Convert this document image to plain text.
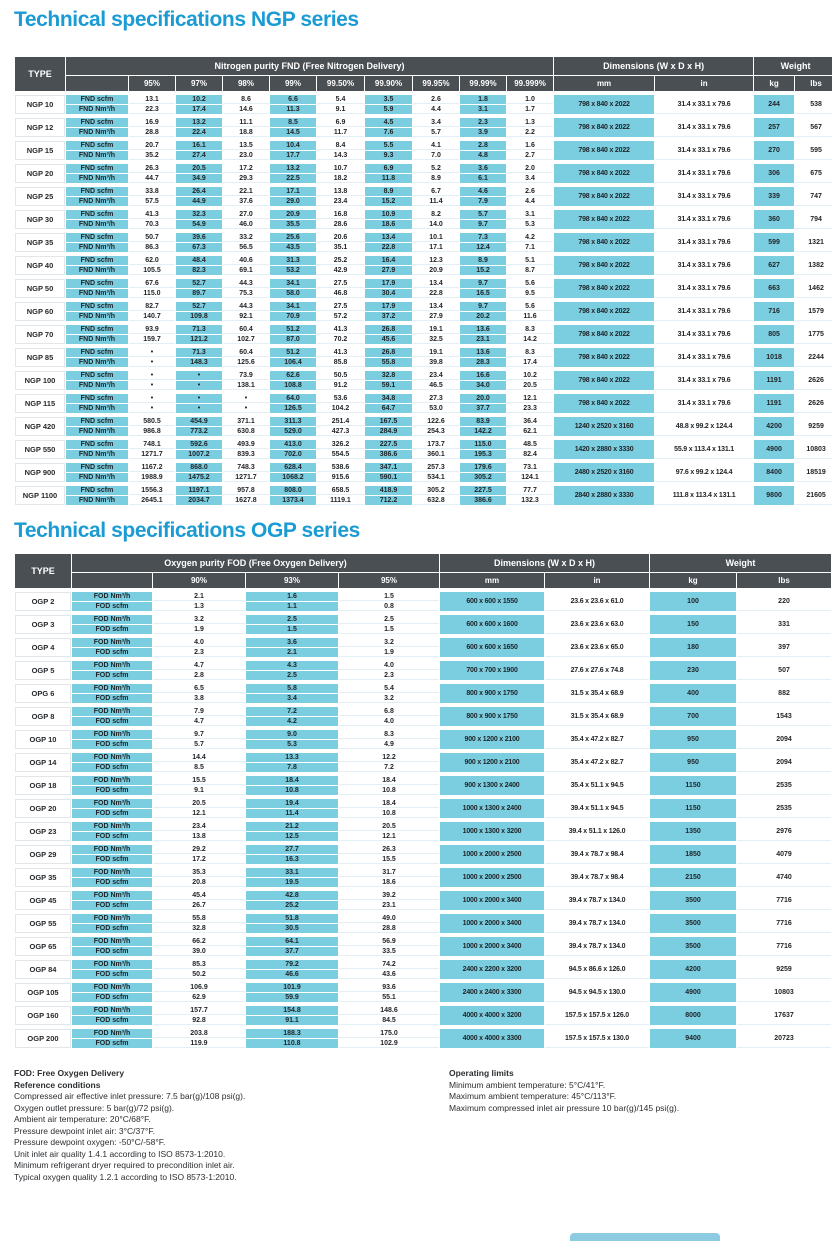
Technical specifications NGP series
TYPE	Nitrogen purity FND (Free Nitrogen Delivery)										Dimensions (W x D x H)		Weight	
		95%	97%	98%	99%	99.50%	99.90%	99.95%	99.99%	99.999%	mm	in	kg	lbs

NGP 10	FND scfm	13.1	10.2	8.6	6.6	5.4	3.5	2.6	1.8	1.0	798 x 840 x 2022	31.4 x 33.1 x 79.6	244	538
	FND Nm³/h	22.3	17.4	14.6	11.3	9.1	5.9	4.4	3.1	1.7				

NGP 12	FND scfm	16.9	13.2	11.1	8.5	6.9	4.5	3.4	2.3	1.3	798 x 840 x 2022	31.4 x 33.1 x 79.6	257	567
	FND Nm³/h	28.8	22.4	18.8	14.5	11.7	7.6	5.7	3.9	2.2				

NGP 15	FND scfm	20.7	16.1	13.5	10.4	8.4	5.5	4.1	2.8	1.6	798 x 840 x 2022	31.4 x 33.1 x 79.6	270	595
	FND Nm³/h	35.2	27.4	23.0	17.7	14.3	9.3	7.0	4.8	2.7				

NGP 20	FND scfm	26.3	20.5	17.2	13.2	10.7	6.9	5.2	3.6	2.0	798 x 840 x 2022	31.4 x 33.1 x 79.6	306	675
	FND Nm³/h	44.7	34.9	29.3	22.5	18.2	11.8	8.9	6.1	3.4				

NGP 25	FND scfm	33.8	26.4	22.1	17.1	13.8	8.9	6.7	4.6	2.6	798 x 840 x 2022	31.4 x 33.1 x 79.6	339	747
	FND Nm³/h	57.5	44.9	37.6	29.0	23.4	15.2	11.4	7.9	4.4				

NGP 30	FND scfm	41.3	32.3	27.0	20.9	16.8	10.9	8.2	5.7	3.1	798 x 840 x 2022	31.4 x 33.1 x 79.6	360	794
	FND Nm³/h	70.3	54.9	46.0	35.5	28.6	18.6	14.0	9.7	5.3				

NGP 35	FND scfm	50.7	39.6	33.2	25.6	20.6	13.4	10.1	7.3	4.2	798 x 840 x 2022	31.4 x 33.1 x 79.6	599	1321
	FND Nm³/h	86.3	67.3	56.5	43.5	35.1	22.8	17.1	12.4	7.1				

NGP 40	FND scfm	62.0	48.4	40.6	31.3	25.2	16.4	12.3	8.9	5.1	798 x 840 x 2022	31.4 x 33.1 x 79.6	627	1382
	FND Nm³/h	105.5	82.3	69.1	53.2	42.9	27.9	20.9	15.2	8.7				

NGP 50	FND scfm	67.6	52.7	44.3	34.1	27.5	17.9	13.4	9.7	5.6	798 x 840 x 2022	31.4 x 33.1 x 79.6	663	1462
	FND Nm³/h	115.0	89.7	75.3	58.0	46.8	30.4	22.8	16.5	9.5				

NGP 60	FND scfm	82.7	52.7	44.3	34.1	27.5	17.9	13.4	9.7	5.6	798 x 840 x 2022	31.4 x 33.1 x 79.6	716	1579
	FND Nm³/h	140.7	109.8	92.1	70.9	57.2	37.2	27.9	20.2	11.6				

NGP 70	FND scfm	93.9	71.3	60.4	51.2	41.3	26.8	19.1	13.6	8.3	798 x 840 x 2022	31.4 x 33.1 x 79.6	805	1775
	FND Nm³/h	159.7	121.2	102.7	87.0	70.2	45.6	32.5	23.1	14.2				

NGP 85	FND scfm	•	71.3	60.4	51.2	41.3	26.8	19.1	13.6	8.3	798 x 840 x 2022	31.4 x 33.1 x 79.6	1018	2244
	FND Nm³/h	•	148.3	125.6	106.4	85.8	55.8	39.8	28.3	17.4				

NGP 100	FND scfm	•	•	73.9	62.6	50.5	32.8	23.4	16.6	10.2	798 x 840 x 2022	31.4 x 33.1 x 79.6	1191	2626
	FND Nm³/h	•	•	138.1	108.8	91.2	59.1	46.5	34.0	20.5				

NGP 115	FND scfm	•	•	•	64.0	53.6	34.8	27.3	20.0	12.1	798 x 840 x 2022	31.4 x 33.1 x 79.6	1191	2626
	FND Nm³/h	•	•	•	126.5	104.2	64.7	53.0	37.7	23.3				

NGP 420	FND scfm	580.5	454.9	371.1	311.3	251.4	167.5	122.6	83.9	36.4	1240 x 2520 x 3160	48.8 x 99.2 x 124.4	4200	9259
	FND Nm³/h	986.8	773.2	630.8	529.0	427.3	284.9	254.3	142.2	62.1				

NGP 550	FND scfm	748.1	592.6	493.9	413.0	326.2	227.5	173.7	115.0	48.5	1420 x 2880 x 3330	55.9 x 113.4 x 131.1	4900	10803
	FND Nm³/h	1271.7	1007.2	839.3	702.0	554.5	386.6	360.1	195.3	82.4				

NGP 900	FND scfm	1167.2	868.0	748.3	628.4	538.6	347.1	257.3	179.6	73.1	2480 x 2520 x 3160	97.6 x 99.2 x 124.4	8400	18519
	FND Nm³/h	1988.9	1475.2	1271.7	1068.2	915.6	590.1	534.1	305.2	124.1				

NGP 1100	FND scfm	1556.3	1197.1	957.8	808.0	658.5	418.9	305.2	227.5	77.7	2840 x 2880 x 3330	111.8 x 113.4 x 131.1	9800	21605
	FND Nm³/h	2645.1	2034.7	1627.8	1373.4	1119.1	712.2	632.8	386.6	132.3				

Technical specifications OGP series
TYPE	Oxygen purity FOD (Free Oxygen Delivery)				Dimensions (W x D x H)		Weight	
		90%	93%	95%	mm	in	kg	lbs

OGP 2	FOD Nm³/h	2.1	1.6	1.5	600 x 600 x 1550	23.6 x 23.6 x 61.0	100	220
	FOD scfm	1.3	1.1	0.8				

OGP 3	FOD Nm³/h	3.2	2.5	2.5	600 x 600 x 1600	23.6 x 23.6 x 63.0	150	331
	FOD scfm	1.9	1.5	1.5				

OGP 4	FOD Nm³/h	4.0	3.6	3.2	600 x 600 x 1650	23.6 x 23.6 x 65.0	180	397
	FOD scfm	2.3	2.1	1.9				

OGP 5	FOD Nm³/h	4.7	4.3	4.0	700 x 700 x 1900	27.6 x 27.6 x 74.8	230	507
	FOD scfm	2.8	2.5	2.3				

OPG 6	FOD Nm³/h	6.5	5.8	5.4	800 x 900 x 1750	31.5 x 35.4 x 68.9	400	882
	FOD scfm	3.8	3.4	3.2				

OGP 8	FOD Nm³/h	7.9	7.2	6.8	800 x 900 x 1750	31.5 x 35.4 x 68.9	700	1543
	FOD scfm	4.7	4.2	4.0				

OGP 10	FOD Nm³/h	9.7	9.0	8.3	900 x 1200 x 2100	35.4 x 47.2 x 82.7	950	2094
	FOD scfm	5.7	5.3	4.9				

OGP 14	FOD Nm³/h	14.4	13.3	12.2	900 x 1200 x 2100	35.4 x 47.2 x 82.7	950	2094
	FOD scfm	8.5	7.8	7.2				

OGP 18	FOD Nm³/h	15.5	18.4	18.4	900 x 1300 x 2400	35.4 x 51.1 x 94.5	1150	2535
	FOD scfm	9.1	10.8	10.8				

OGP 20	FOD Nm³/h	20.5	19.4	18.4	1000 x 1300 x 2400	39.4 x 51.1 x 94.5	1150	2535
	FOD scfm	12.1	11.4	10.8				

OGP 23	FOD Nm³/h	23.4	21.2	20.5	1000 x 1300 x 3200	39.4 x 51.1 x 126.0	1350	2976
	FOD scfm	13.8	12.5	12.1				

OGP 29	FOD Nm³/h	29.2	27.7	26.3	1000 x 2000 x 2500	39.4 x 78.7 x 98.4	1850	4079
	FOD scfm	17.2	16.3	15.5				

OGP 35	FOD Nm³/h	35.3	33.1	31.7	1000 x 2000 x 2500	39.4 x 78.7 x 98.4	2150	4740
	FOD scfm	20.8	19.5	18.6				

OGP 45	FOD Nm³/h	45.4	42.8	39.2	1000 x 2000 x 3400	39.4 x 78.7 x 134.0	3500	7716
	FOD scfm	26.7	25.2	23.1				

OGP 55	FOD Nm³/h	55.8	51.8	49.0	1000 x 2000 x 3400	39.4 x 78.7 x 134.0	3500	7716
	FOD scfm	32.8	30.5	28.8				

OGP 65	FOD Nm³/h	66.2	64.1	56.9	1000 x 2000 x 3400	39.4 x 78.7 x 134.0	3500	7716
	FOD scfm	39.0	37.7	33.5				

OGP 84	FOD Nm³/h	85.3	79.2	74.2	2400 x 2200 x 3200	94.5 x 86.6 x 126.0	4200	9259
	FOD scfm	50.2	46.6	43.6				

OGP 105	FOD Nm³/h	106.9	101.9	93.6	2400 x 2400 x 3300	94.5 x 94.5 x 130.0	4900	10803
	FOD scfm	62.9	59.9	55.1				

OGP 160	FOD Nm³/h	157.7	154.8	148.6	4000 x 4000 x 3200	157.5 x 157.5 x 126.0	8000	17637
	FOD scfm	92.8	91.1	84.5				

OGP 200	FOD Nm³/h	203.8	188.3	175.0	4000 x 4000 x 3300	157.5 x 157.5 x 130.0	9400	20723
	FOD scfm	119.9	110.8	102.9				

FOD: Free Oxygen Delivery
Reference conditions
Compressed air effective inlet pressure: 7.5 bar(g)/108 psi(g).
Oxygen outlet pressure: 5 bar(g)/72 psi(g).
Ambient air temperature: 20°C/68°F.
Pressure dewpoint inlet air: 3°C/37°F.
Pressure dewpoint oxygen: -50°C/-58°F.
Unit inlet air quality 1.4.1 according to ISO 8573-1:2010.
Minimum refrigerant dryer required to precondition inlet air.
Typical oxygen quality 1.2.1 according to ISO 8573-1:2010.
Operating limits
Minimum ambient temperature: 5°C/41°F.
Maximum ambient temperature: 45°C/113°F.
Maximum compressed inlet air pressure 10 bar(g)/145 psi(g).
